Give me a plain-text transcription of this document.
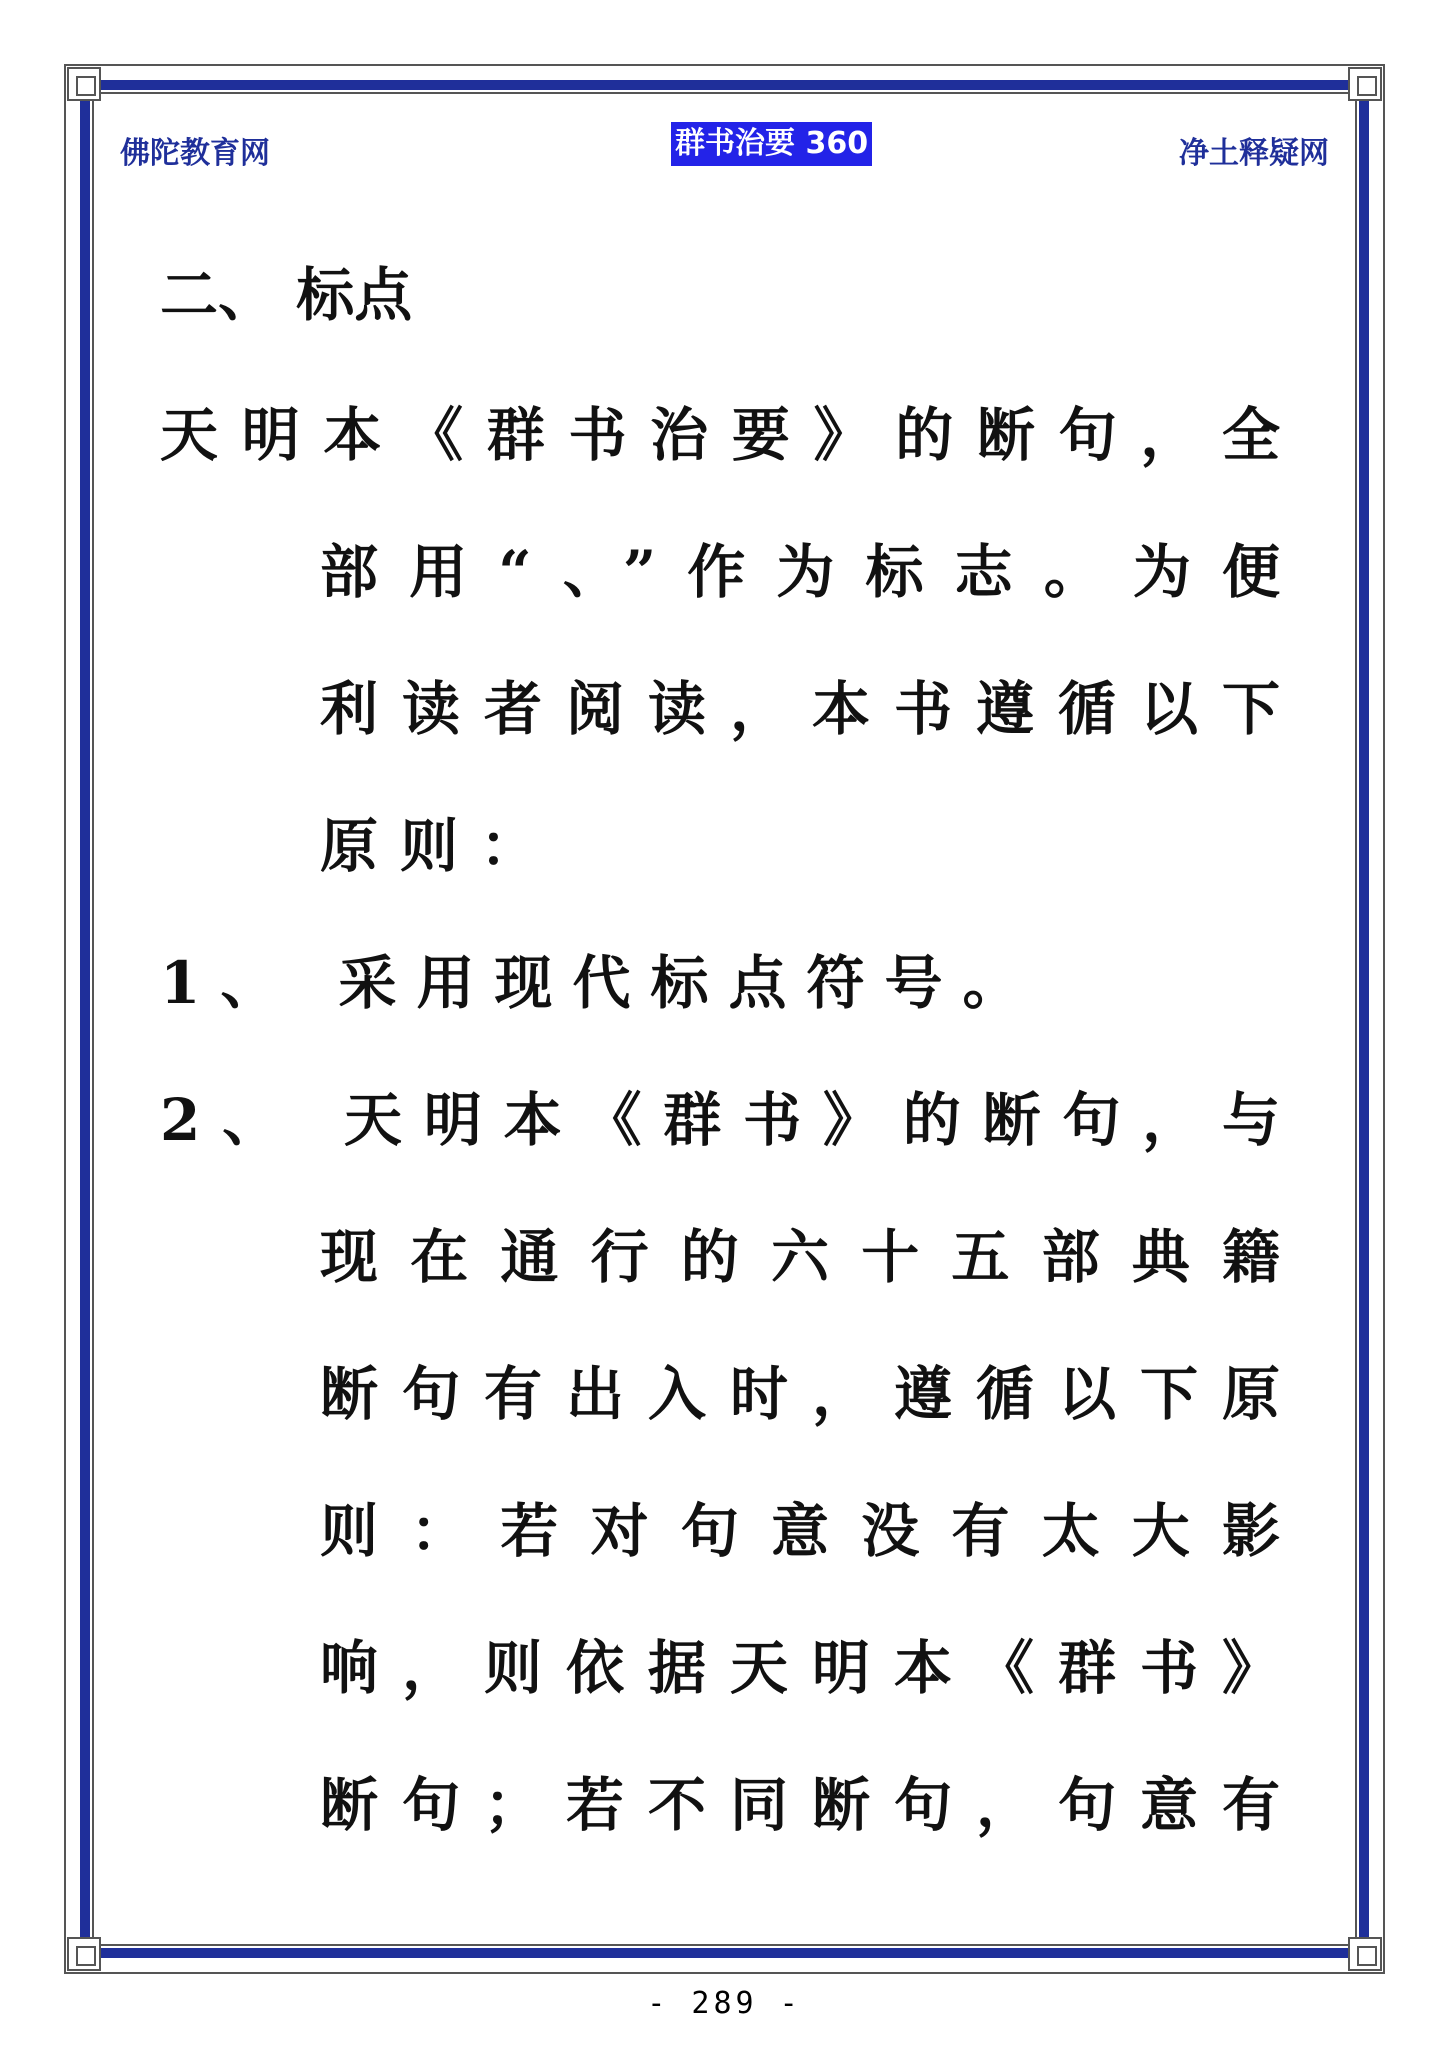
佛陀教育网	群书治要 360	净土释疑网
二、 标点
天明本《群书治要》的断句，全
部用“、”作为标志。为便
利读者阅读，本书遵循以下
原则：
1、 采用现代标点符号。
2、 天明本《群书》的断句，与
现在通行的六十五部典籍
断句有出入时，遵循以下原
则：若对句意没有太大影
响，则依据天明本《群书》
断句；若不同断句，句意有
- 289 -
